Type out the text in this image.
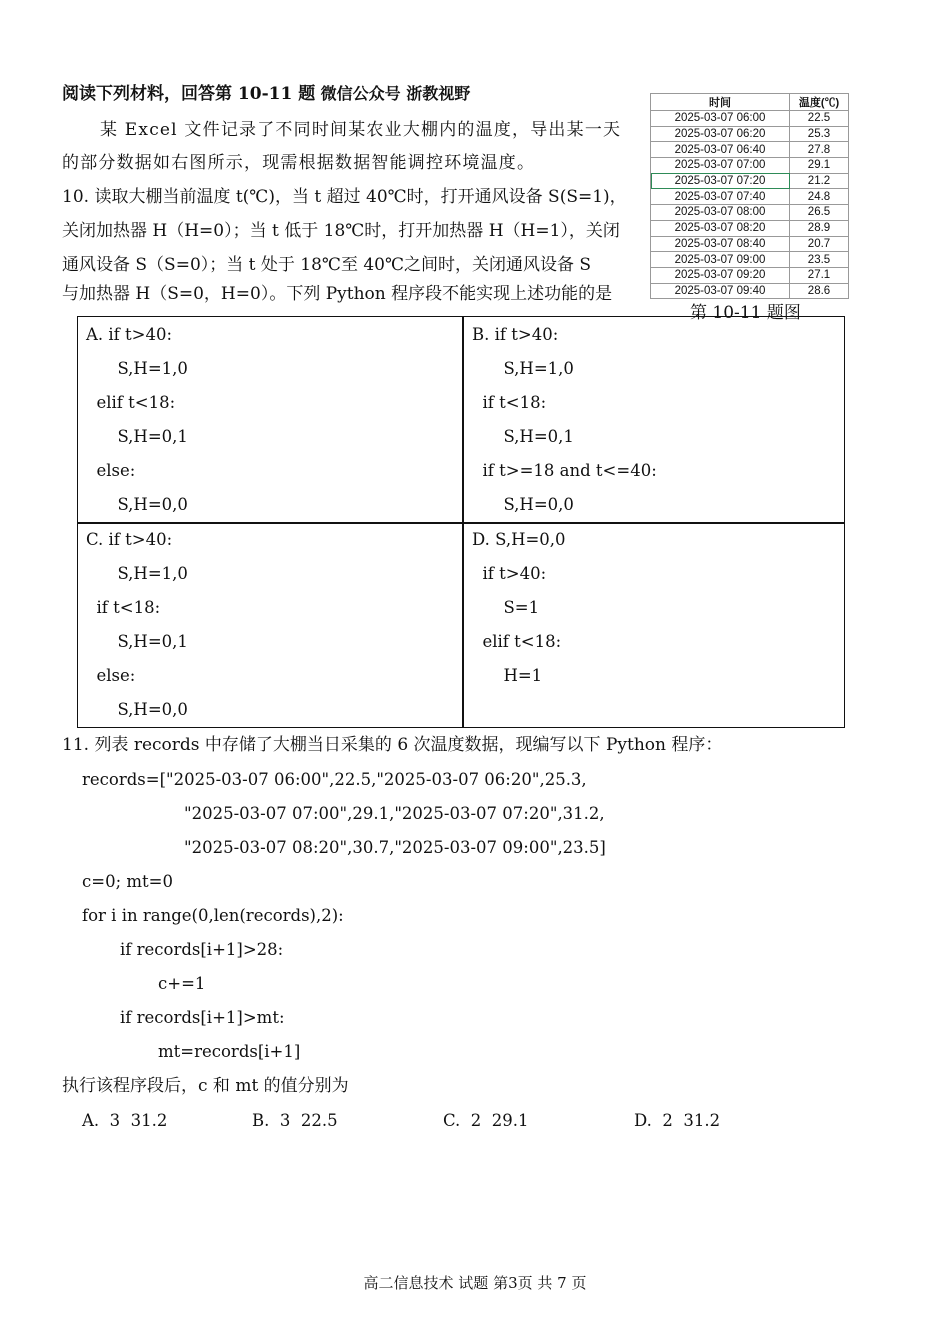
阅读下列材料，回答第 10-11 题 微信公众号 浙教视野
某 Excel 文件记录了不同时间某农业大棚内的温度，导出某一天
的部分数据如右图所示，现需根据数据智能调控环境温度。
时间	温度(℃)
2025-03-07 06:00	22.5
2025-03-07 06:20	25.3
2025-03-07 06:40	27.8
2025-03-07 07:00	29.1
2025-03-07 07:20	21.2
2025-03-07 07:40	24.8
2025-03-07 08:00	26.5
2025-03-07 08:20	28.9
2025-03-07 08:40	20.7
2025-03-07 09:00	23.5
2025-03-07 09:20	27.1
2025-03-07 09:40	28.6
第 10-11 题图
10. 读取大棚当前温度 t(℃)，当 t 超过 40℃时，打开通风设备 S(S=1)，
关闭加热器 H（H=0）；当 t 低于 18℃时，打开加热器 H（H=1），关闭
通风设备 S（S=0）；当 t 处于 18℃至 40℃之间时，关闭通风设备 S
与加热器 H（S=0，H=0）。下列 Python 程序段不能实现上述功能的是
A. if t>40:
S,H=1,0
elif t<18:
S,H=0,1
else:
S,H=0,0
B. if t>40:
S,H=1,0
if t<18:
S,H=0,1
if t>=18 and t<=40:
S,H=0,0
C. if t>40:
S,H=1,0
if t<18:
S,H=0,1
else:
S,H=0,0
D. S,H=0,0
if t>40:
S=1
elif t<18:
H=1
11. 列表 records 中存储了大棚当日采集的 6 次温度数据，现编写以下 Python 程序：
records=["2025-03-07 06:00",22.5,"2025-03-07 06:20",25.3,
"2025-03-07 07:00",29.1,"2025-03-07 07:20",31.2,
"2025-03-07 08:20",30.7,"2025-03-07 09:00",23.5]
c=0; mt=0
for i in range(0,len(records),2):
if records[i+1]>28:
c+=1
if records[i+1]>mt:
mt=records[i+1]
执行该程序段后，c 和 mt 的值分别为
A.  3  31.2	B.  3  22.5	C.  2  29.1	D.  2  31.2
高二信息技术 试题 第3页 共 7 页
